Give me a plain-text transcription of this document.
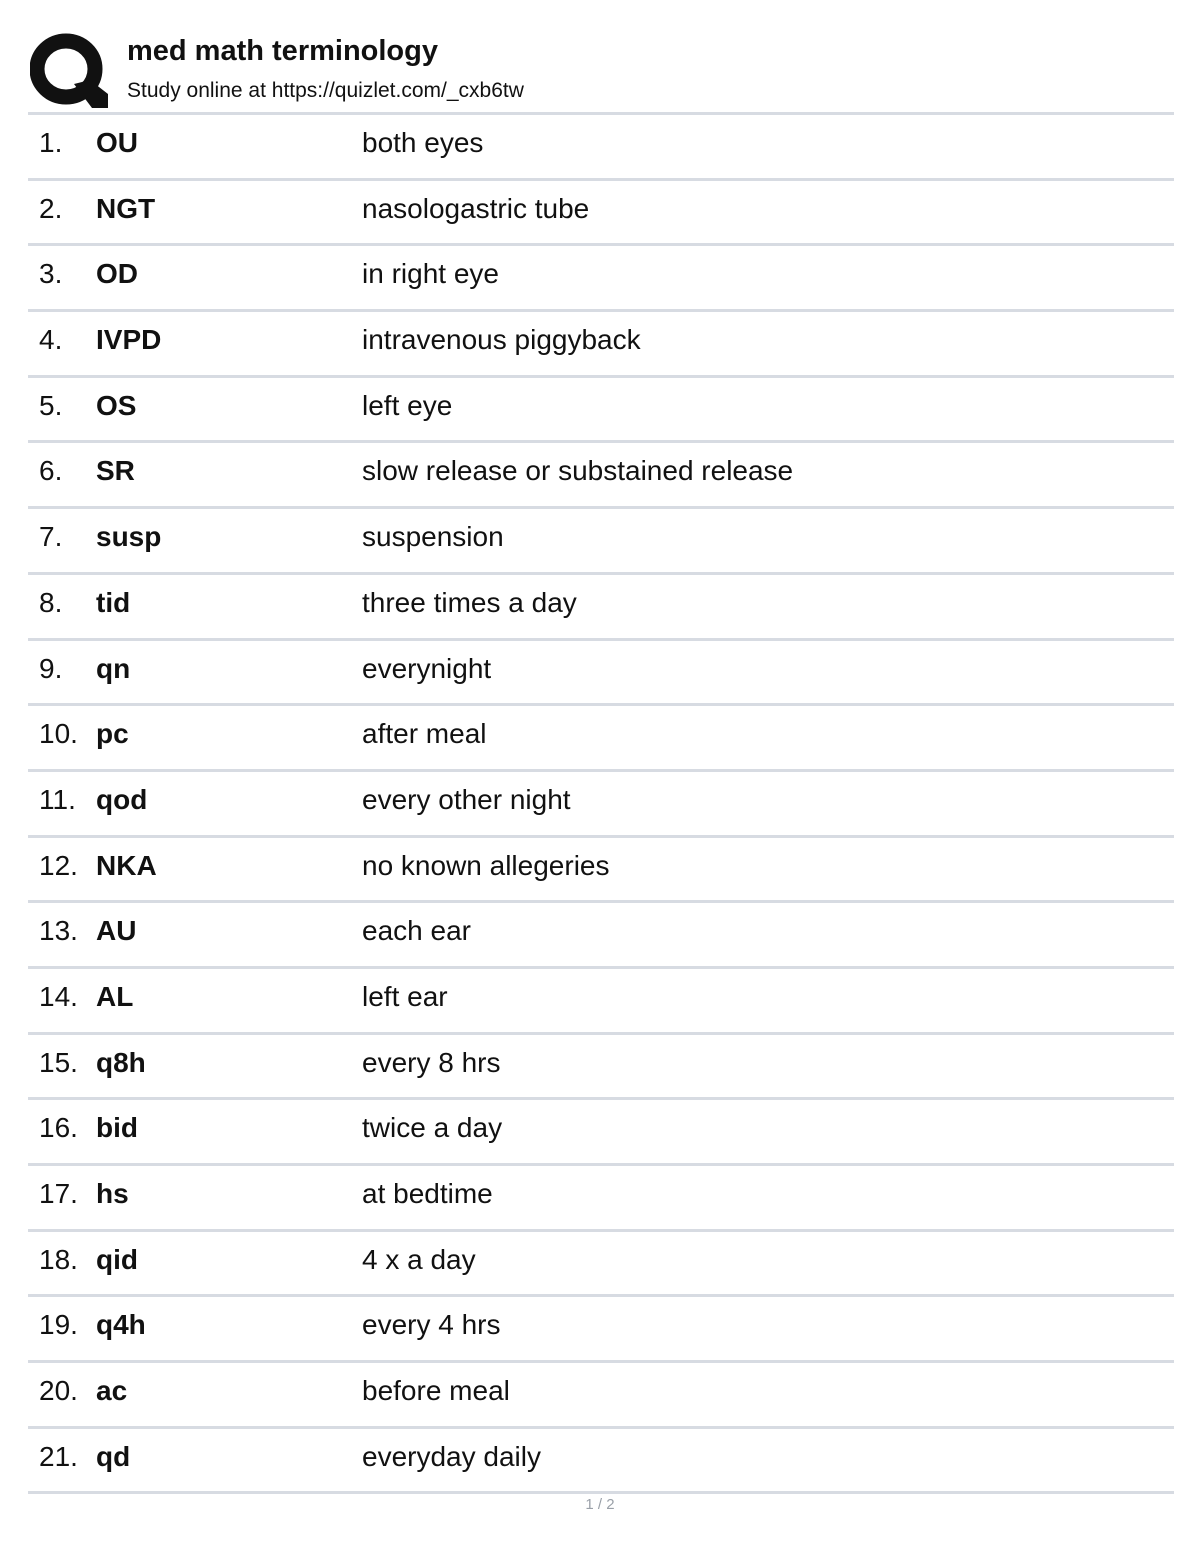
med math terminology
Study online at https://quizlet.com/_cxb6tw
1. OU	both eyes
2. NGT	nasologastric tube
3. OD	in right eye
4. IVPD	intravenous piggyback
5. OS	left eye
6. SR	slow release or substained release
7. susp	suspension
8. tid	three times a day
9. qn	everynight
10. pc	after meal
11. qod	every other night
12. NKA	no known allegeries
13. AU	each ear
14. AL	left ear
15. q8h	every 8 hrs
16. bid	twice a day
17. hs	at bedtime
18. qid	4 x a day
19. q4h	every 4 hrs
20. ac	before meal
21. qd	everyday daily
1 / 2
